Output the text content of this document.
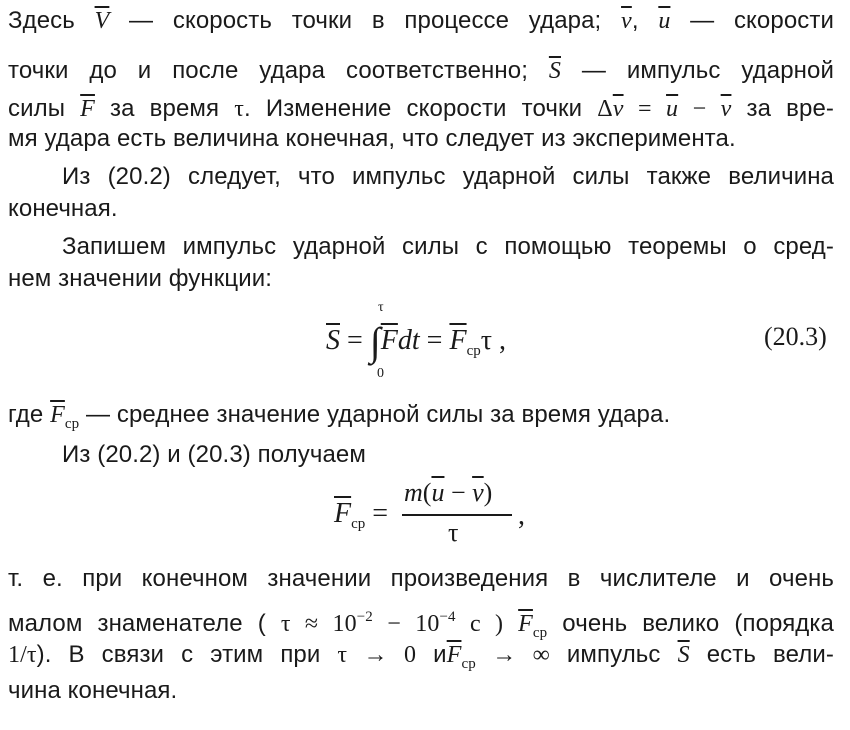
Здесь $\overline{V}$ — скорость точки в процессе удара; $\overline{v}$, $\overline{u}$ — скорости
точки до и после удара соответственно; $\overline{S}$ — импульс ударной
силы $\overline{F}$ за время τ. Изменение скорости точки $\Delta\overline{v} = \overline{u} - \overline{v}$ за вре-
мя удара есть величина конечная, что следует из эксперимента.
Из (20.2) следует, что импульс ударной силы также величина
конечная.
Запишем импульс ударной силы с помощью теоремы о сред-
нем значении функции:
$\overline{S} = \int\overline{F}dt = \overline{F}_{ср}\tau$ ,
τ
0
(20.3)
где $\overline{F}_{ср}$ — среднее значение ударной силы за время удара.
Из (20.2) и (20.3) получаем
$\overline{F}_{ср}$ =
$m(\overline{u} - \overline{v})$
τ
,
т. е. при конечном значении произведения в числителе и очень
малом знаменателе ( $\tau \approx 10^{-2} - 10^{-4}$ с ) $\overline{F}_{ср}$ очень велико (порядка
1/τ). В связи с этим при τ → 0 $и\overline{F}_{ср}$ → ∞ импульс $\overline{S}$ есть вели-
чина конечная.
